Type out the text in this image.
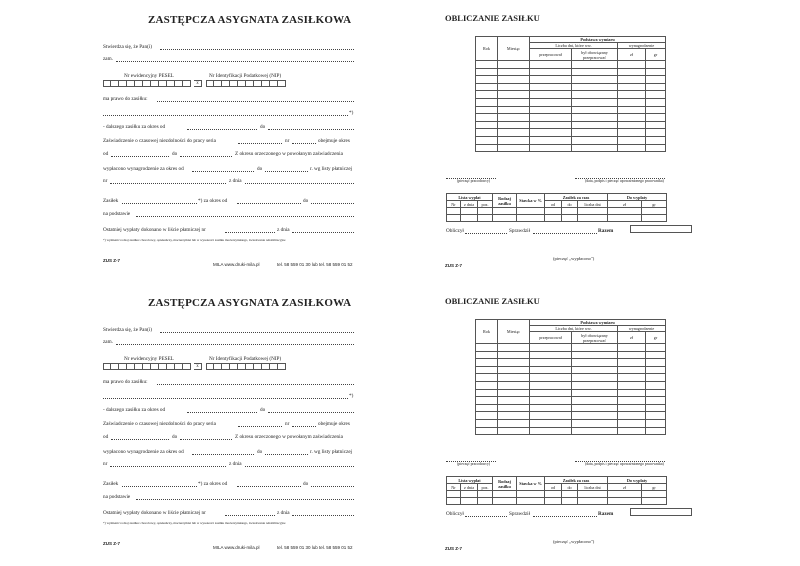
ZASTĘPCZA ASYGNATA ZASIŁKOWA
Stwierdza się, że Pan(i)
zam.
Nr ewidencyjny PESEL	Nr Identyfikacji Podatkowej (NIP)
x
ma prawo do zasiłku:
*)
- dalszego zasiłku za okres od	do
Zaświadczenie o czasowej niezdolności do pracy seria	nr	obejmuje okres
od	do	Z okresu orzeczonego w powołanym zaświadczenia
wypłacono wynagrodzenie za okres od	do	r. wg listy płatniczej
nr	z dnia
Zasiłek	*) za okres od	do
na podstawie
Ostatniej wypłaty dokonano w liście płatniczej nr	z dnia
*) wymienić rodzaj zasiłku: chorobowy, opiekuńczy, macierzyński lub w wysokości zasiłku macierzyńskiego, świadczenie rehabilitacyjne
ZUS Z-7
MILA www.druki-mila.pl	tel. 58 559 01 30 lub tel. 58 559 01 52
OBLICZANIE ZASIŁKU
Rok	Miesiąc	Podstawa wymiaru			
		Liczba dni, które ww.		wynagrodzenie	
		przepracował	był obowiązany przepracować	zł	gr

(pieczęć pracodawcy)	(data, podpis i pieczęć upoważnionego pracownika)
Lista wypłat			Rodzaj zasiłku	Stawka w %	Zasiłek za czas			Do wypłaty		
Nr	z dnia	poz.			od	do	liczba dni	zł	gr	

Obliczył	Sprawdził	Razem
(pieczęć „wypłacono")
ZUS Z-7
ZASTĘPCZA ASYGNATA ZASIŁKOWA
Stwierdza się, że Pan(i)
zam.
Nr ewidencyjny PESEL	Nr Identyfikacji Podatkowej (NIP)
x
ma prawo do zasiłku:
*)
- dalszego zasiłku za okres od	do
Zaświadczenie o czasowej niezdolności do pracy seria	nr	obejmuje okres
od	do	Z okresu orzeczonego w powołanym zaświadczenia
wypłacono wynagrodzenie za okres od	do	r. wg listy płatniczej
nr	z dnia
Zasiłek	*) za okres od	do
na podstawie
Ostatniej wypłaty dokonano w liście płatniczej nr	z dnia
*) wymienić rodzaj zasiłku: chorobowy, opiekuńczy, macierzyński lub w wysokości zasiłku macierzyńskiego, świadczenie rehabilitacyjne
ZUS Z-7
MILA www.druki-mila.pl	tel. 58 559 01 30 lub tel. 58 559 01 52
OBLICZANIE ZASIŁKU
Rok	Miesiąc	Podstawa wymiaru			
		Liczba dni, które ww.		wynagrodzenie	
		przepracował	był obowiązany przepracować	zł	gr

(pieczęć pracodawcy)	(data, podpis i pieczęć upoważnionego pracownika)
Lista wypłat			Rodzaj zasiłku	Stawka w %	Zasiłek za czas			Do wypłaty		
Nr	z dnia	poz.			od	do	liczba dni	zł	gr	

Obliczył	Sprawdził	Razem
(pieczęć „wypłacono")
ZUS Z-7
